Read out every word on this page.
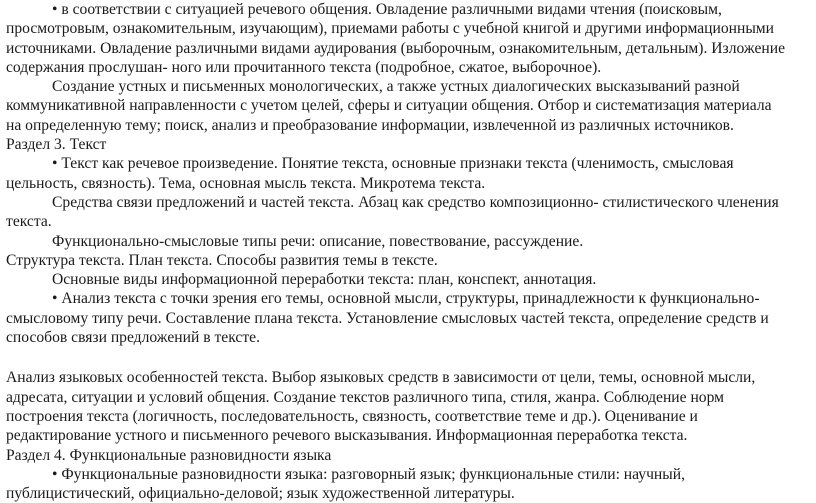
• в соответствии с ситуацией речевого общения. Овладение различными видами чтения (поисковым,

просмотровым, ознакомительным, изучающим), приемами работы с учебной книгой и другими информационными

источниками. Овладение различными видами аудирования (выборочным, ознакомительным, детальным). Изложение

содержания прослушан- ного или прочитанного текста (подробное, сжатое, выборочное).

Создание устных и письменных монологических, а также устных диалогических высказываний разной

коммуникативной направленности с учетом целей, сферы и ситуации общения. Отбор и систематизация материала

на определенную тему; поиск, анализ и преобразование информации, извлеченной из различных источников.

Раздел 3. Текст

• Текст как речевое произведение. Понятие текста, основные признаки текста (членимость, смысловая

цельность, связность). Тема, основная мысль текста. Микротема текста.

Средства связи предложений и частей текста. Абзац как средство композиционно- стилистического членения

текста.

Функционально-смысловые типы речи: описание, повествование, рассуждение.

Структура текста. План текста. Способы развития темы в тексте.

Основные виды информационной переработки текста: план, конспект, аннотация.

• Анализ текста с точки зрения его темы, основной мысли, структуры, принадлежности к функционально-

смысловому типу речи. Составление плана текста. Установление смысловых частей текста, определение средств и

способов связи предложений в тексте.

Анализ языковых особенностей текста. Выбор языковых средств в зависимости от цели, темы, основной мысли,

адресата, ситуации и условий общения. Создание текстов различного типа, стиля, жанра. Соблюдение норм

построения текста (логичность, последовательность, связность, соответствие теме и др.). Оценивание и

редактирование устного и письменного речевого высказывания. Информационная переработка текста.

Раздел 4. Функциональные разновидности языка

• Функциональные разновидности языка: разговорный язык; функциональные стили: научный,

публицистический, официально-деловой; язык художественной литературы.
